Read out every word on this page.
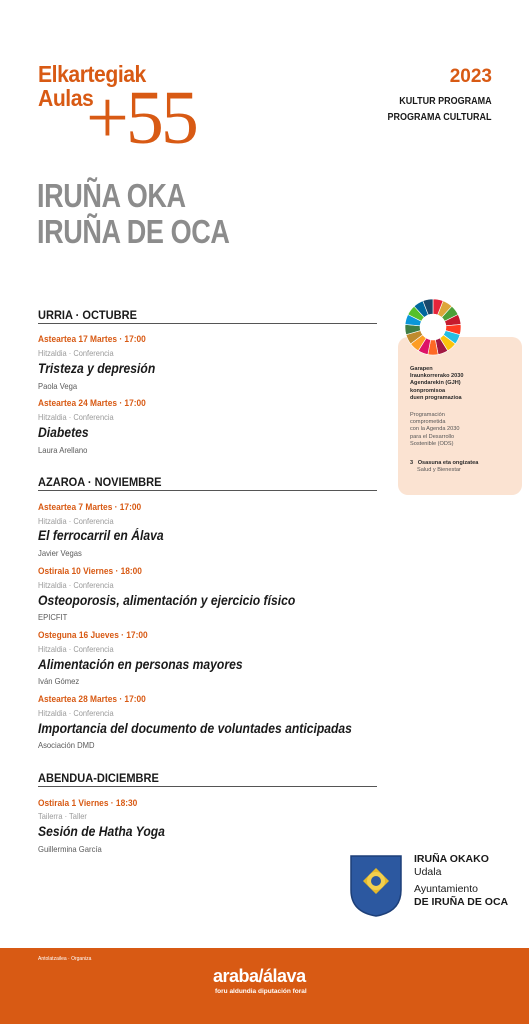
Elkartegiak
Aulas
+55	2023
KULTUR PROGRAMA
PROGRAMA CULTURAL
IRUÑA OKA
IRUÑA DE OCA
URRIA · OCTUBRE
Asteartea 17 Martes · 17:00
Hitzaldia · Conferencia
Tristeza y depresión
Paola Vega
Asteartea 24 Martes · 17:00
Hitzaldia · Conferencia
Diabetes
Laura Arellano
AZAROA · NOVIEMBRE
Asteartea 7 Martes · 17:00
Hitzaldia · Conferencia
El ferrocarril en Álava
Javier Vegas
Ostirala 10 Viernes · 18:00
Hitzaldia · Conferencia
Osteoporosis, alimentación y ejercicio físico
EPICFIT
Osteguna 16 Jueves · 17:00
Hitzaldia · Conferencia
Alimentación en personas mayores
Iván Gómez
Asteartea 28 Martes · 17:00
Hitzaldia · Conferencia
Importancia del documento de voluntades anticipadas
Asociación DMD
ABENDUA-DICIEMBRE
Ostirala 1 Viernes · 18:30
Tailerra · Taller
Sesión de Hatha Yoga
Guillermina García
Garapen
Iraunkorrerako 2030
Agendarekin (GJH)
konpromisoa
duen programazioa
Programación
comprometida
con la Agenda 2030
para el Desarrollo
Sostenible (ODS)
3 Osasuna eta ongizatea
Salud y Bienestar
IRUÑA OKAKO
Udala
Ayuntamiento
DE IRUÑA DE OCA
Antolatzailea · Organiza
araba/álava
foru aldundia diputación foral
